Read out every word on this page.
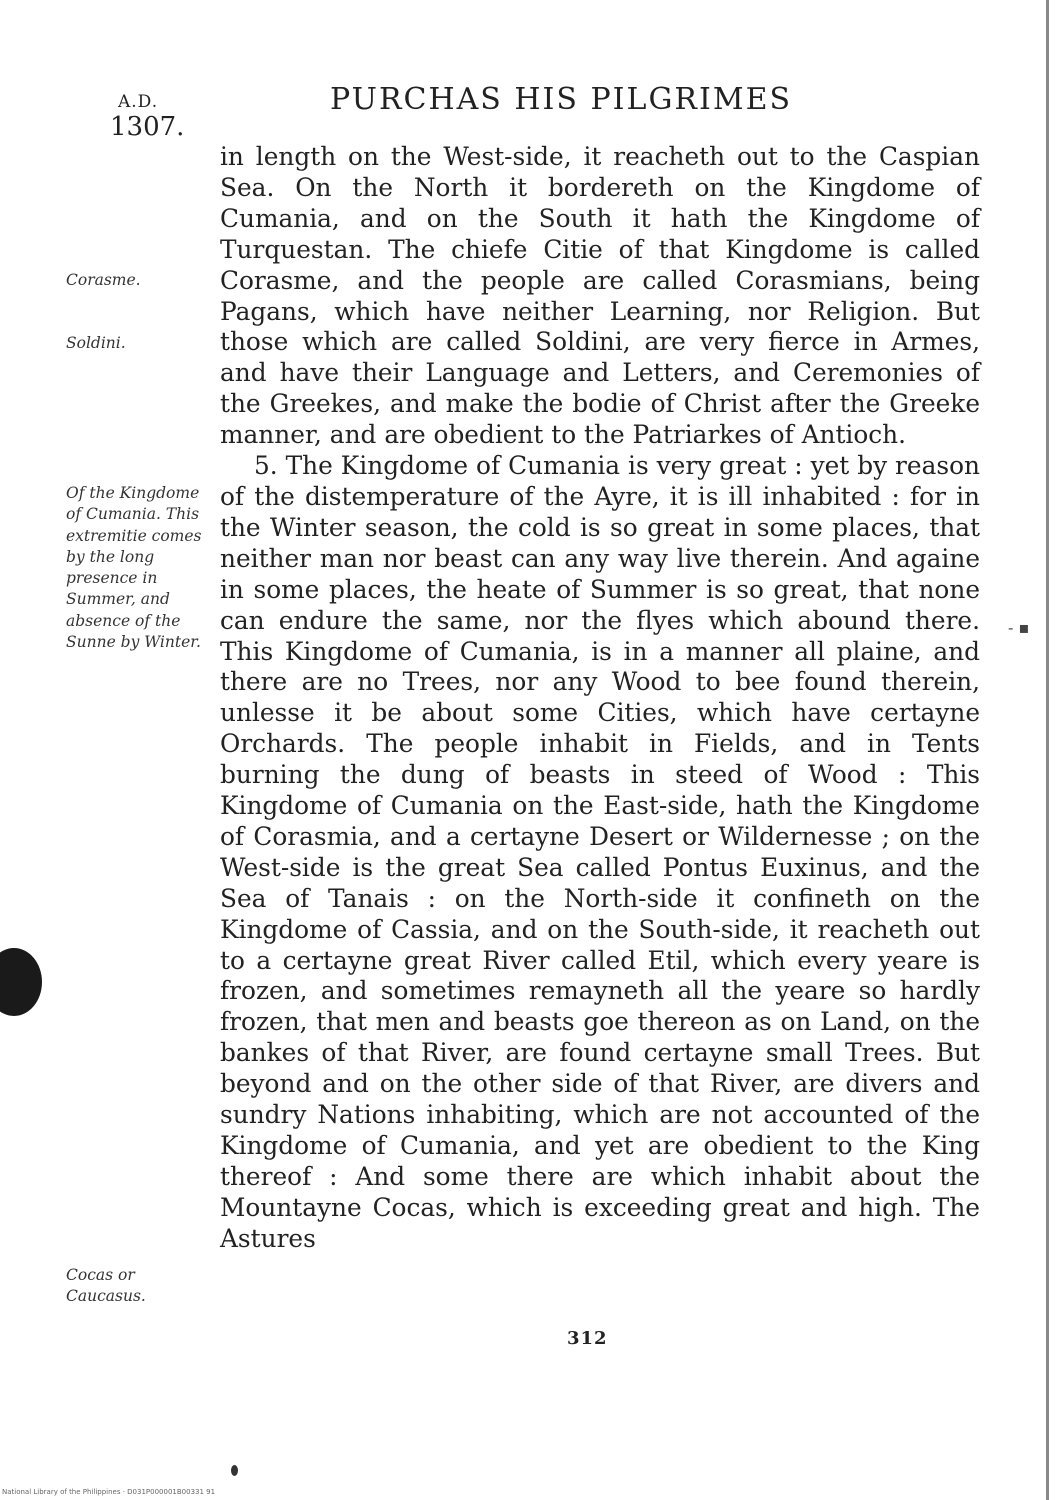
A.D.
1307.
PURCHAS HIS PILGRIMES
Corasme.
Soldini.
Of the Kingdome of Cumania. This extremitie comes by the long presence in Summer, and absence of the Sunne by Winter.
Cocas or Caucasus.

in length on the West-side, it reacheth out to the Caspian Sea. On the North it bordereth on the Kingdome of Cumania, and on the South it hath the Kingdome of Turquestan. The chiefe Citie of that Kingdome is called Corasme, and the people are called Corasmians, being Pagans, which have neither Learning, nor Religion. But those which are called Soldini, are very fierce in Armes, and have their Language and Letters, and Ceremonies of the Greekes, and make the bodie of Christ after the Greeke manner, and are obedient to the Patriarkes of Antioch.

5. The Kingdome of Cumania is very great : yet by reason of the distemperature of the Ayre, it is ill inhabited : for in the Winter season, the cold is so great in some places, that neither man nor beast can any way live therein. And againe in some places, the heate of Summer is so great, that none can endure the same, nor the flyes which abound there. This Kingdome of Cumania, is in a manner all plaine, and there are no Trees, nor any Wood to bee found therein, unlesse it be about some Cities, which have certayne Orchards. The people inhabit in Fields, and in Tents burning the dung of beasts in steed of Wood : This Kingdome of Cumania on the East-side, hath the Kingdome of Corasmia, and a certayne Desert or Wildernesse ; on the West-side is the great Sea called Pontus Euxinus, and the Sea of Tanais : on the North-side it confineth on the Kingdome of Cassia, and on the South-side, it reacheth out to a certayne great River called Etil, which every yeare is frozen, and sometimes remayneth all the yeare so hardly frozen, that men and beasts goe thereon as on Land, on the bankes of that River, are found certayne small Trees. But beyond and on the other side of that River, are divers and sundry Nations inhabiting, which are not accounted of the Kingdome of Cumania, and yet are obedient to the King thereof : And some there are which inhabit about the Mountayne Cocas, which is exceeding great and high. The Astures

312
- ▪
National Library of the Philippines · D031P000001B00331 91
